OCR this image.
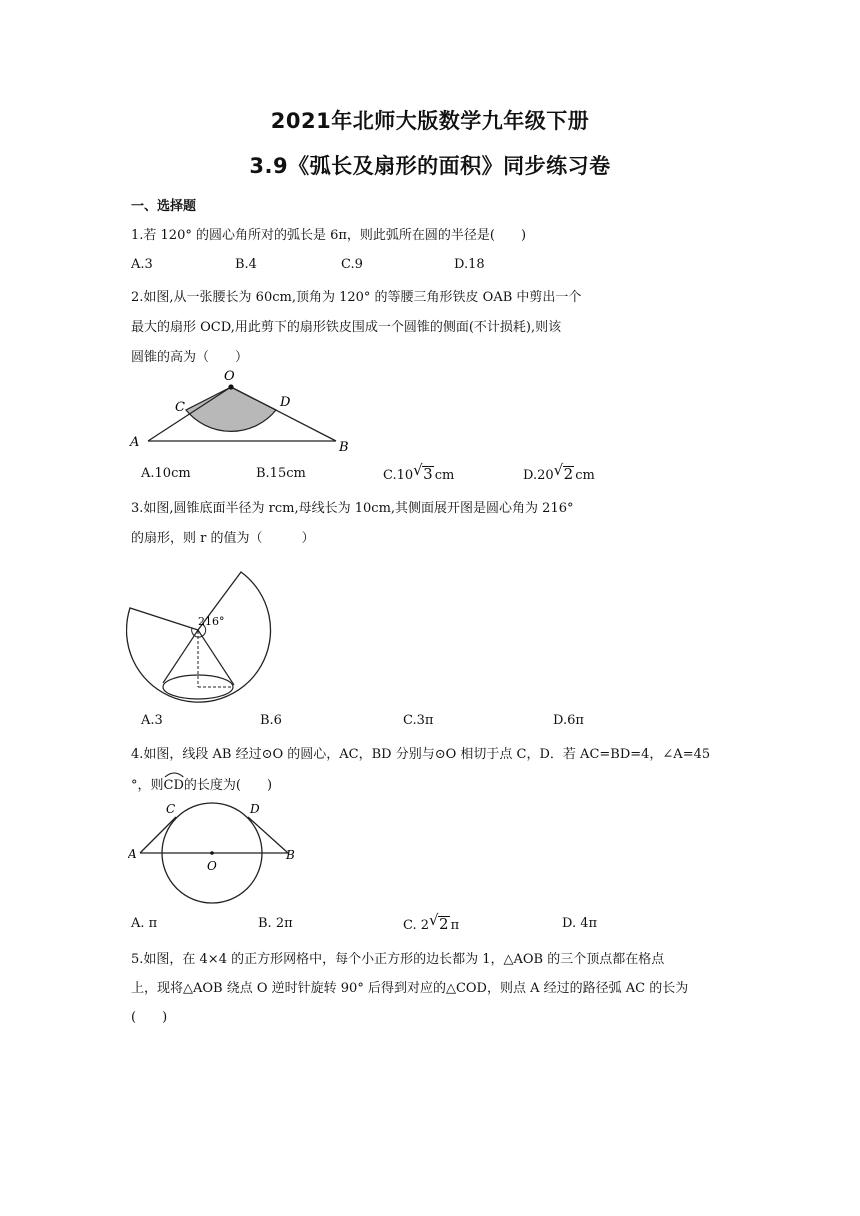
2021年北师大版数学九年级下册
3.9《弧长及扇形的面积》同步练习卷
一、选择题
1.若 120° 的圆心角所对的弧长是 6π，则此弧所在圆的半径是(　　)
A.3	B.4	C.9	D.18
2.如图,从一张腰长为 60cm,顶角为 120° 的等腰三角形铁皮 OAB 中剪出一个
最大的扇形 OCD,用此剪下的扇形铁皮围成一个圆锥的侧面(不计损耗),则该
圆锥的高为（　　）
O
C	D
A	B
A.10cm	B.15cm	C.10 √ 3 cm	D.20 √ 2 cm
3.如图,圆锥底面半径为 rcm,母线长为 10cm,其侧面展开图是圆心角为 216°
的扇形，则 r 的值为（　　　）
216°
A.3	B.6	C.3π	D.6π
4.如图，线段 AB 经过⊙O 的圆心，AC，BD 分别与⊙O 相切于点 C，D．若 AC=BD=4，∠A=45
°，则
CD的长度为(　　)
C	D
A	B
O
A. π	B. 2π	C. 2 √ 2 π	D. 4π
5.如图，在 4×4 的正方形网格中，每个小正方形的边长都为 1，△AOB 的三个顶点都在格点
上，现将△AOB 绕点 O 逆时针旋转 90° 后得到对应的△COD，则点 A 经过的路径弧 AC 的长为
(　　)
